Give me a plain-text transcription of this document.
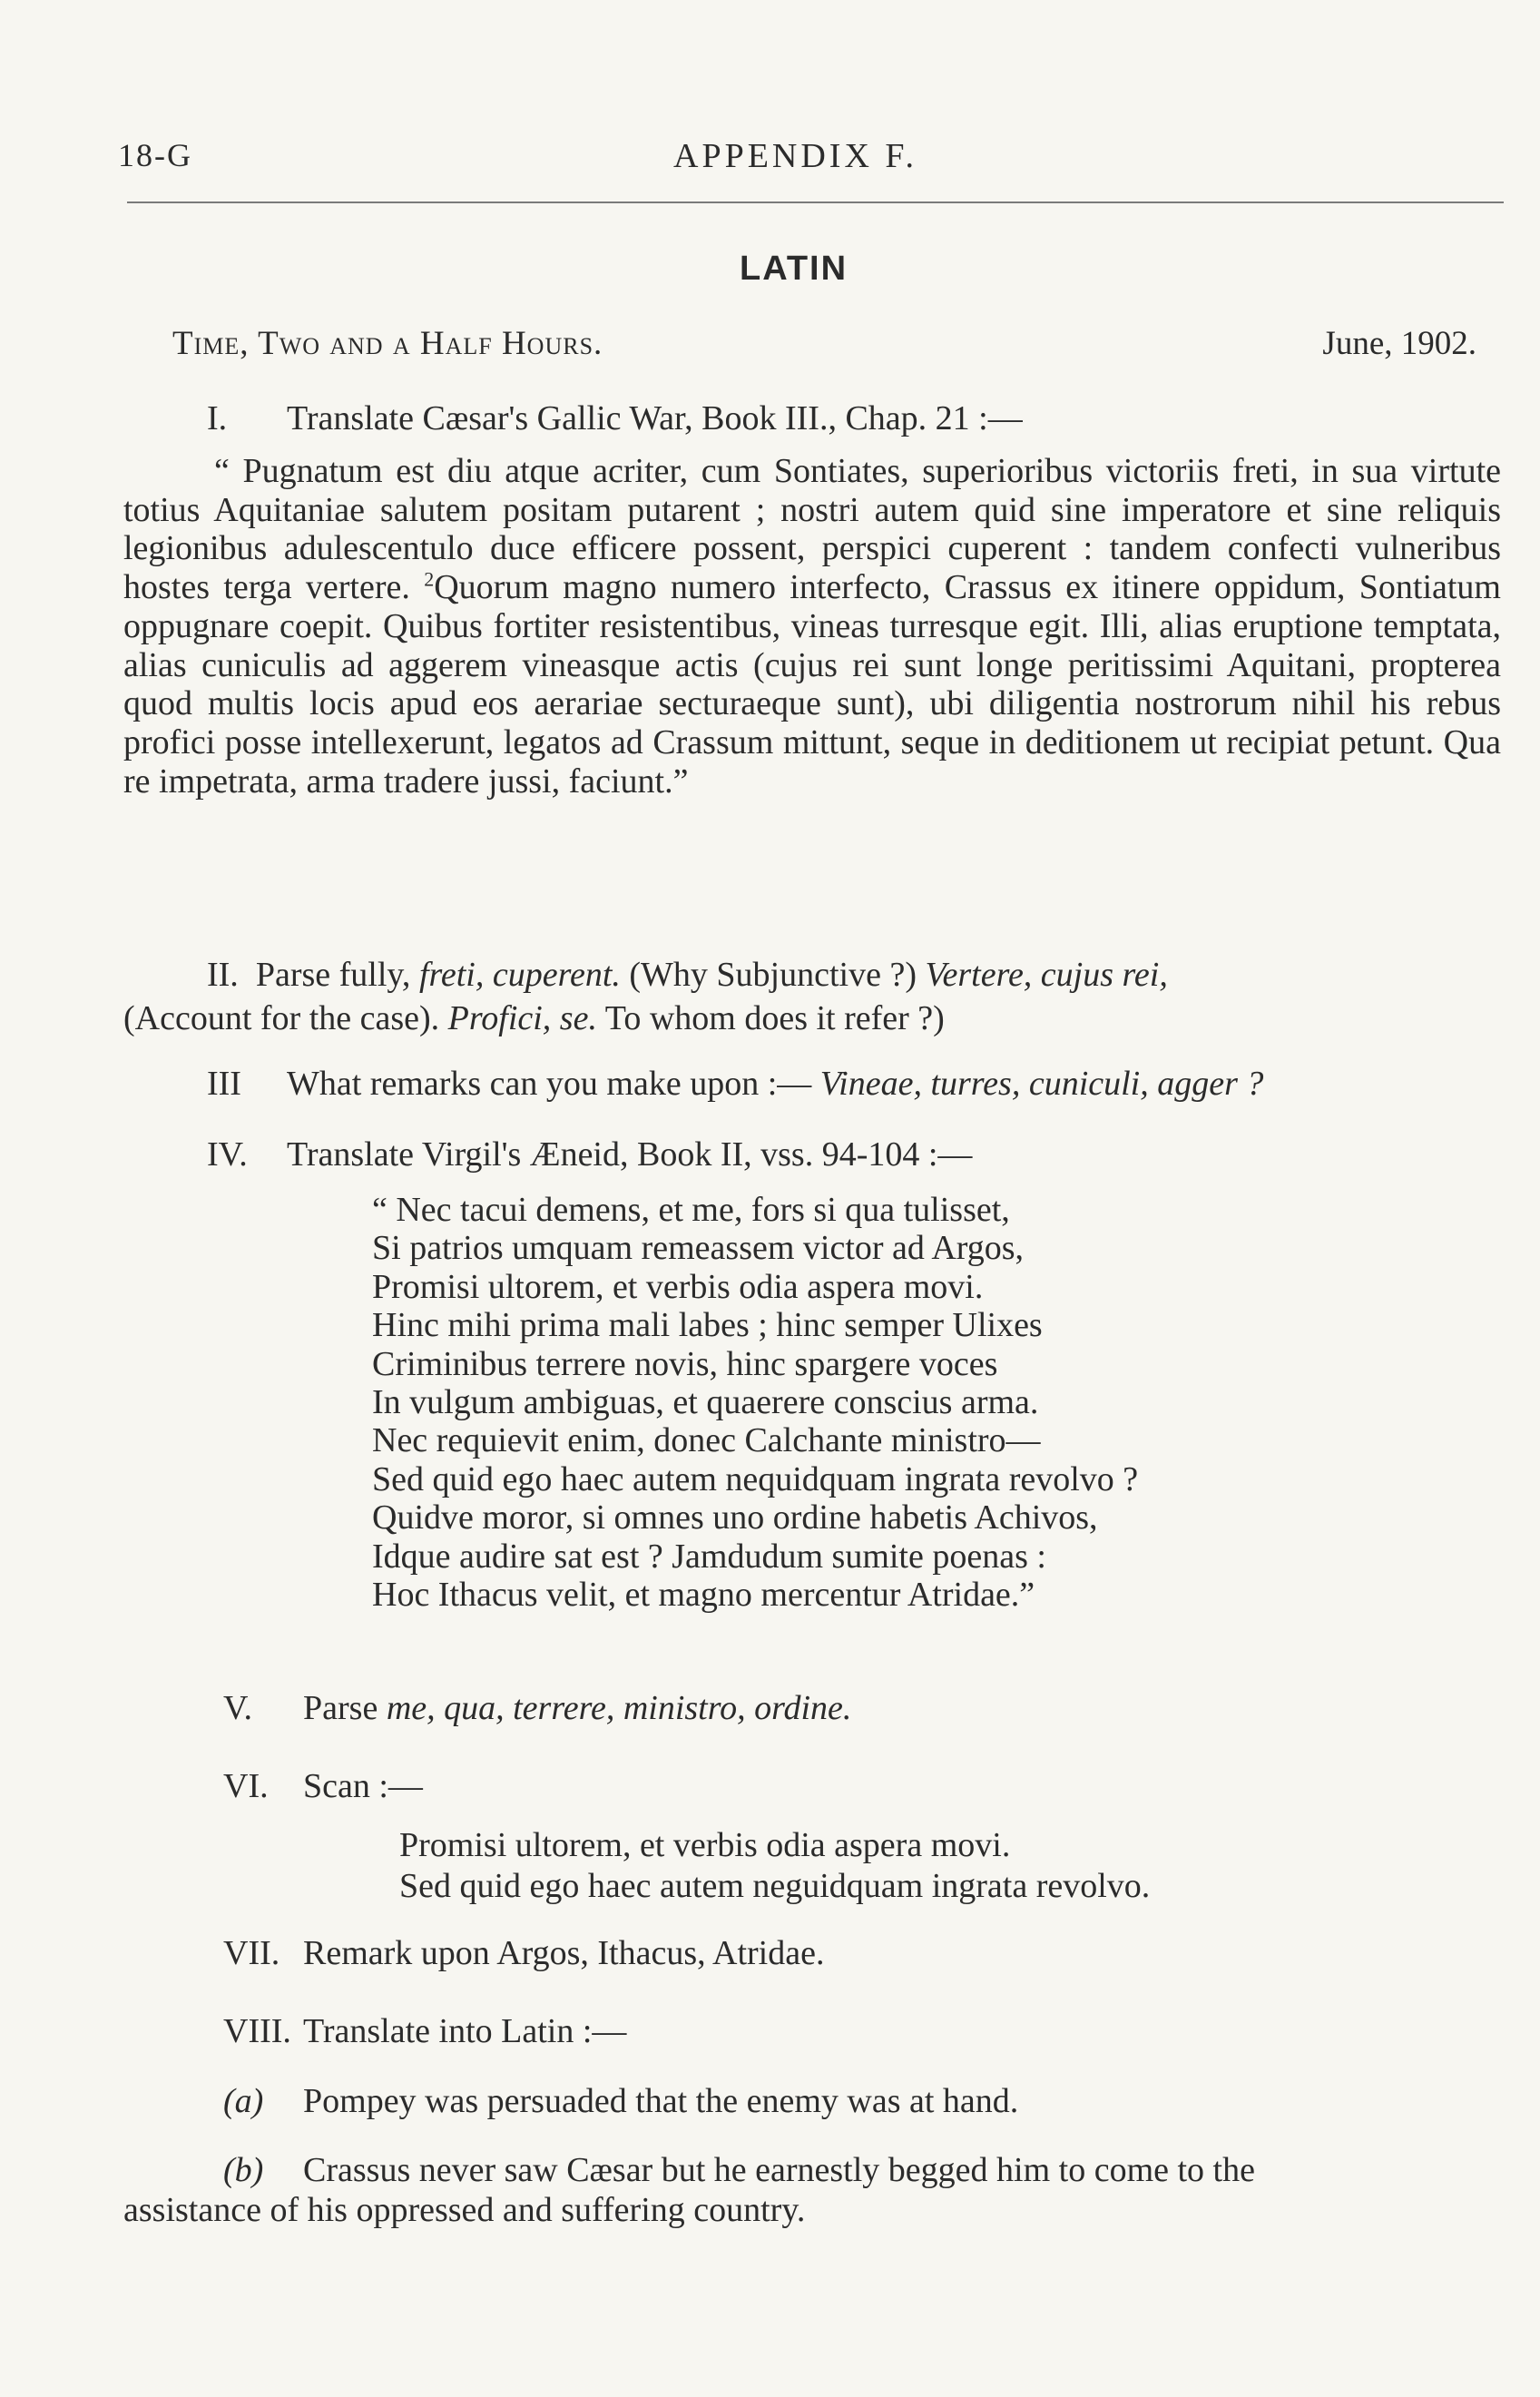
18-G	APPENDIX F.
LATIN
Time, Two and a Half Hours.	June, 1902.
I. Translate Cæsar's Gallic War, Book III., Chap. 21 :—

“ Pugnatum est diu atque acriter, cum Sontiates, superioribus victoriis freti, in sua virtute totius Aquitaniae salutem positam putarent ; nostri autem quid sine imperatore et sine reliquis legionibus adulescentulo duce efficere possent, perspici cuperent : tandem confecti vulneribus hostes terga vertere. $^2$Quorum magno numero interfecto, Crassus ex itinere oppidum, Sontiatum oppugnare coepit. Quibus fortiter resistentibus, vineas turresque egit. Illi, alias eruptione temptata, alias cuniculis ad aggerem vineasque actis (cujus rei sunt longe peritissimi Aquitani, propterea quod multis locis apud eos aerariae secturaeque sunt), ubi diligentia nostrorum nihil his rebus profici posse intellexerunt, legatos ad Crassum mittunt, seque in deditionem ut recipiat petunt. Qua re impetrata, arma tradere jussi, faciunt.”

II. Parse fully, freti, cuperent. (Why Subjunctive ?) Vertere, cujus rei,
(Account for the case). Profici, se. To whom does it refer ?)
III What remarks can you make upon :— Vineae, turres, cuniculi, agger ?
IV. Translate Virgil's Æneid, Book II, vss. 94-104 :—
“ Nec tacui demens, et me, fors si qua tulisset,
Si patrios umquam remeassem victor ad Argos,
Promisi ultorem, et verbis odia aspera movi.
Hinc mihi prima mali labes ; hinc semper Ulixes
Criminibus terrere novis, hinc spargere voces
In vulgum ambiguas, et quaerere conscius arma.
Nec requievit enim, donec Calchante ministro—
Sed quid ego haec autem nequidquam ingrata revolvo ?
Quidve moror, si omnes uno ordine habetis Achivos,
Idque audire sat est ? Jamdudum sumite poenas :
Hoc Ithacus velit, et magno mercentur Atridae.”
V. Parse me, qua, terrere, ministro, ordine.
VI. Scan :—
Promisi ultorem, et verbis odia aspera movi.
Sed quid ego haec autem neguidquam ingrata revolvo.
VII. Remark upon Argos, Ithacus, Atridae.
VIII. Translate into Latin :—
(a) Pompey was persuaded that the enemy was at hand.
(b) Crassus never saw Cæsar but he earnestly begged him to come to the
assistance of his oppressed and suffering country.
